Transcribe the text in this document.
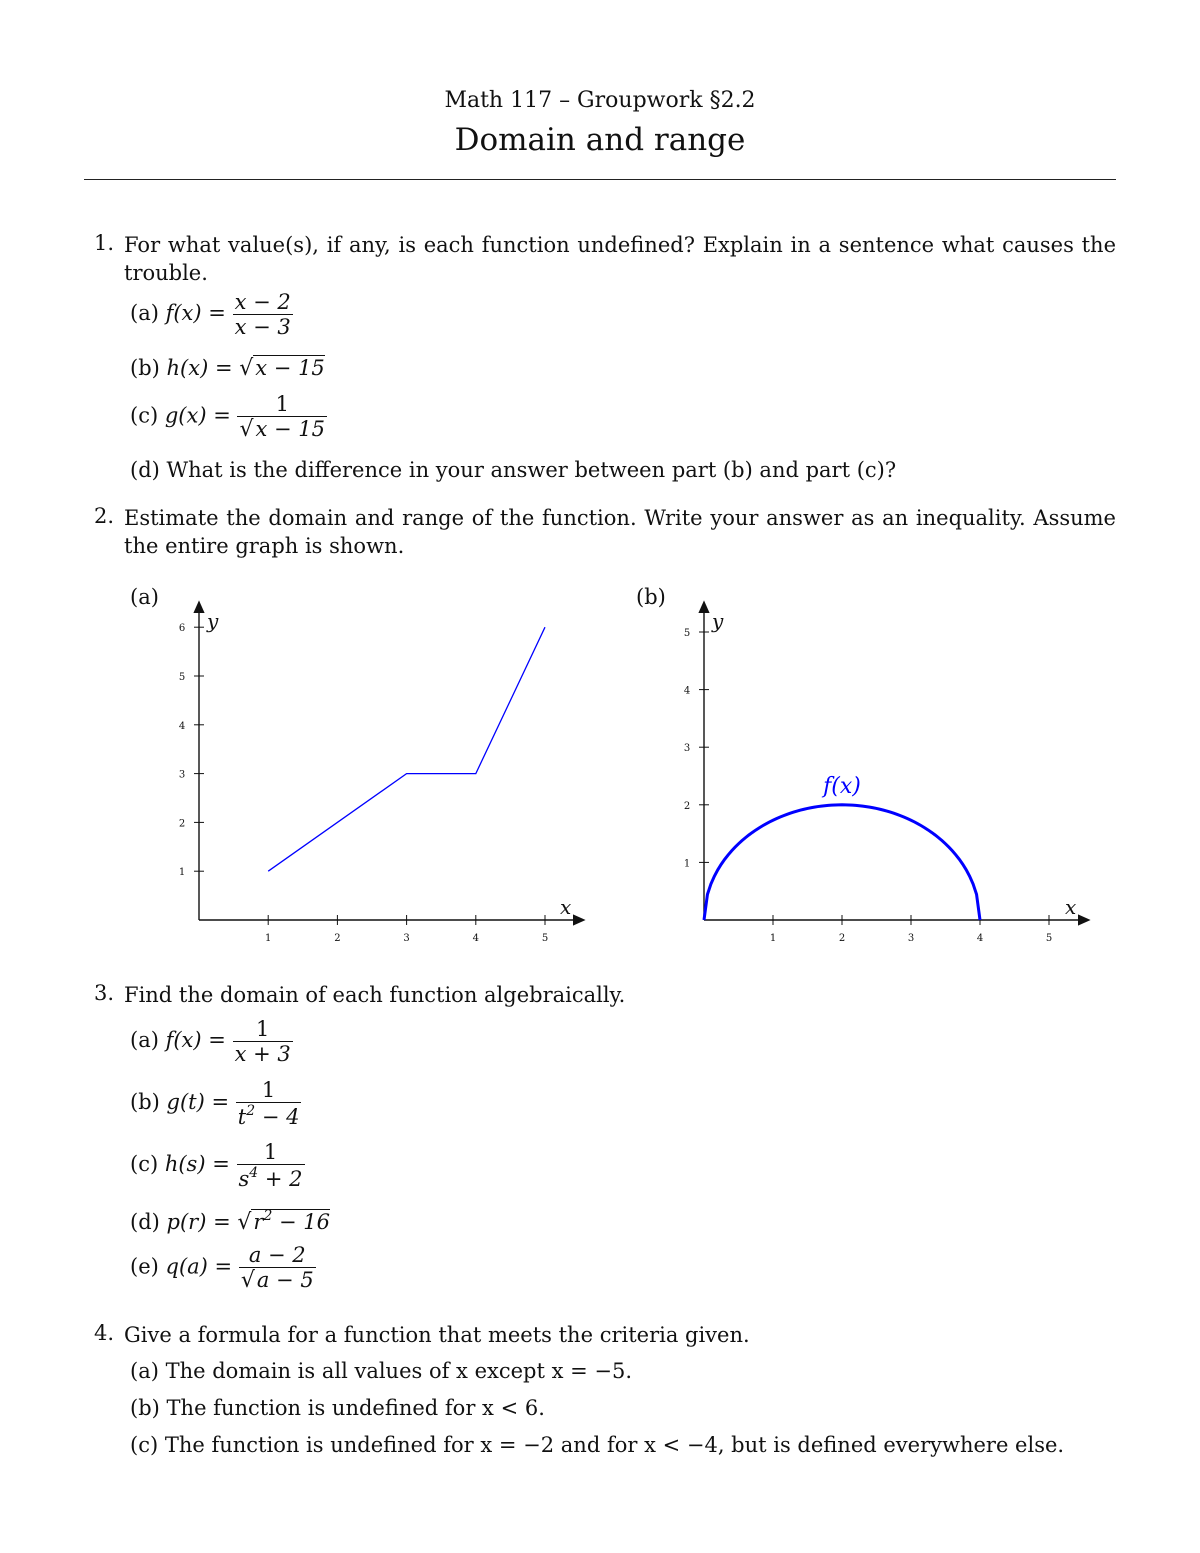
Math 117 – Groupwork §2.2
Domain and range
1. For what value(s), if any, is each function undefined? Explain in a sentence what causes the trouble.
(a) $f(x) = \frac{x - 2}{x - 3}$
(b) h(x) = √x − 15
(c) $g(x) = \frac{1}{√x - 15}$
(d) What is the difference in your answer between part (b) and part (c)?
2. Estimate the domain and range of the function. Write your answer as an inequality. Assume the entire graph is shown.
(a)	(b)
x
y
1	2	3	4	5
1
2
3
4
5
6
x
y
1	2	3	4	5
1
2
3
4
5
f(x)
3. Find the domain of each function algebraically.
(a) $f(x) = \frac{1}{x + 3}$
(b) $g(t) = \frac{1}{t^2 - 4}$
(c) $h(s) = \frac{1}{s^4 + 2}$
(d) $p(r) = √r^2 - 16$
(e) $q(a) = \frac{a - 2}{√a - 5}$
4. Give a formula for a function that meets the criteria given.
(a) The domain is all values of x except x = −5.
(b) The function is undefined for x < 6.
(c) The function is undefined for x = −2 and for x < −4, but is defined everywhere else.
